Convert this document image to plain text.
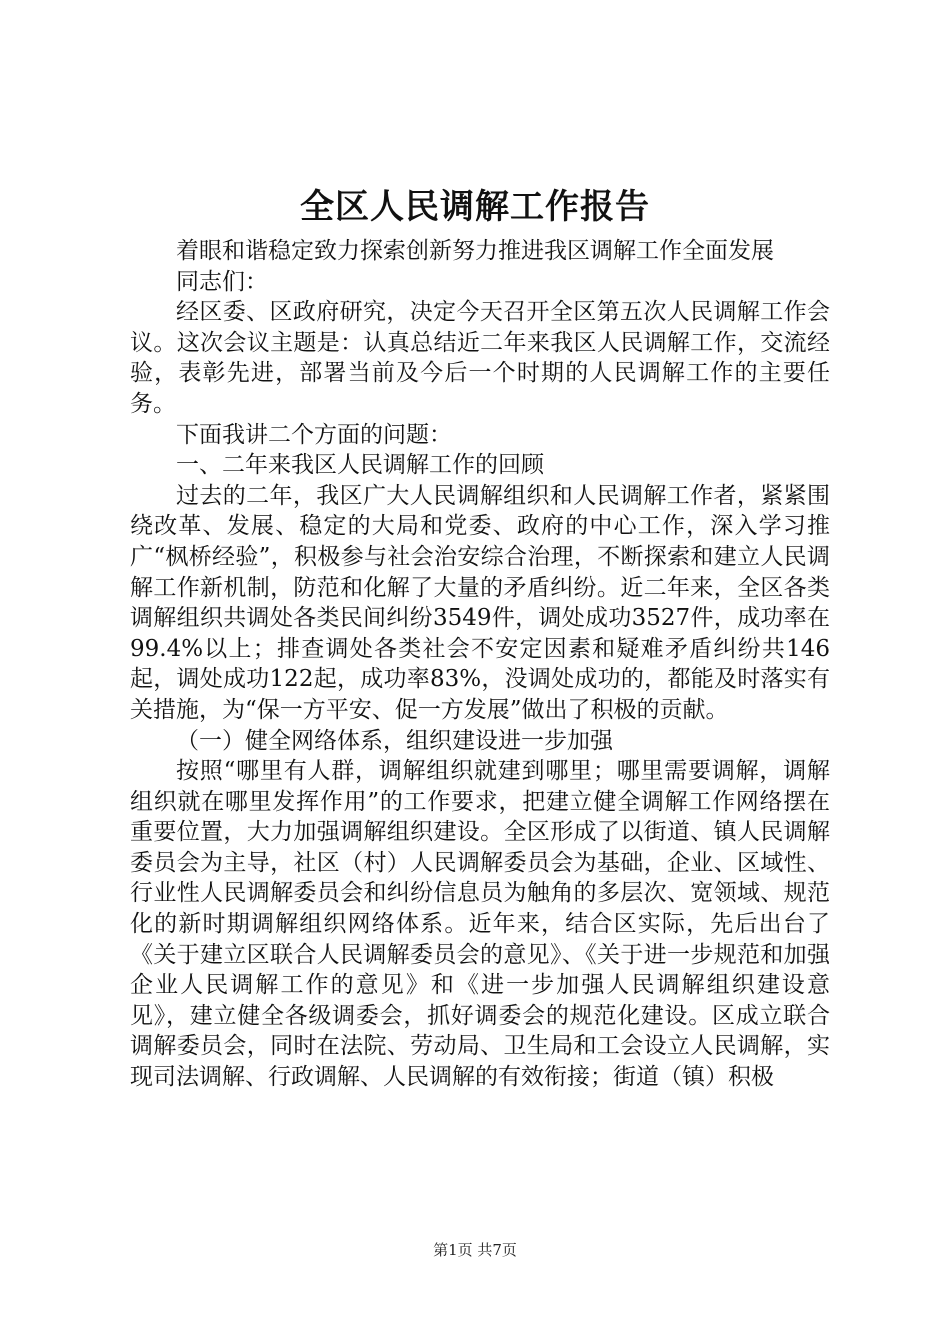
全区人民调解工作报告

着眼和谐稳定致力探索创新努力推进我区调解工作全面发展

同志们：

经区委、区政府研究，决定今天召开全区第五次人民调解工作会议。这次会议主题是：认真总结近二年来我区人民调解工作，交流经验，表彰先进，部署当前及今后一个时期的人民调解工作的主要任务。

下面我讲二个方面的问题：

一、二年来我区人民调解工作的回顾

过去的二年，我区广大人民调解组织和人民调解工作者，紧紧围绕改革、发展、稳定的大局和党委、政府的中心工作，深入学习推广“枫桥经验”，积极参与社会治安综合治理，不断探索和建立人民调解工作新机制，防范和化解了大量的矛盾纠纷。近二年来，全区各类调解组织共调处各类民间纠纷3549件，调处成功3527件，成功率在99.4%以上；排查调处各类社会不安定因素和疑难矛盾纠纷共146起，调处成功122起，成功率83%，没调处成功的，都能及时落实有关措施，为“保一方平安、促一方发展”做出了积极的贡献。

（一）健全网络体系，组织建设进一步加强

按照“哪里有人群，调解组织就建到哪里；哪里需要调解，调解组织就在哪里发挥作用”的工作要求，把建立健全调解工作网络摆在重要位置，大力加强调解组织建设。全区形成了以街道、镇人民调解委员会为主导，社区（村）人民调解委员会为基础，企业、区域性、行业性人民调解委员会和纠纷信息员为触角的多层次、宽领域、规范化的新时期调解组织网络体系。近年来，结合区实际，先后出台了《关于建立区联合人民调解委员会的意见》、《关于进一步规范和加强企业人民调解工作的意见》和《进一步加强人民调解组织建设意见》，建立健全各级调委会，抓好调委会的规范化建设。区成立联合调解委员会，同时在法院、劳动局、卫生局和工会设立人民调解，实现司法调解、行政调解、人民调解的有效衔接；街道（镇）积极

第1页 共7页
